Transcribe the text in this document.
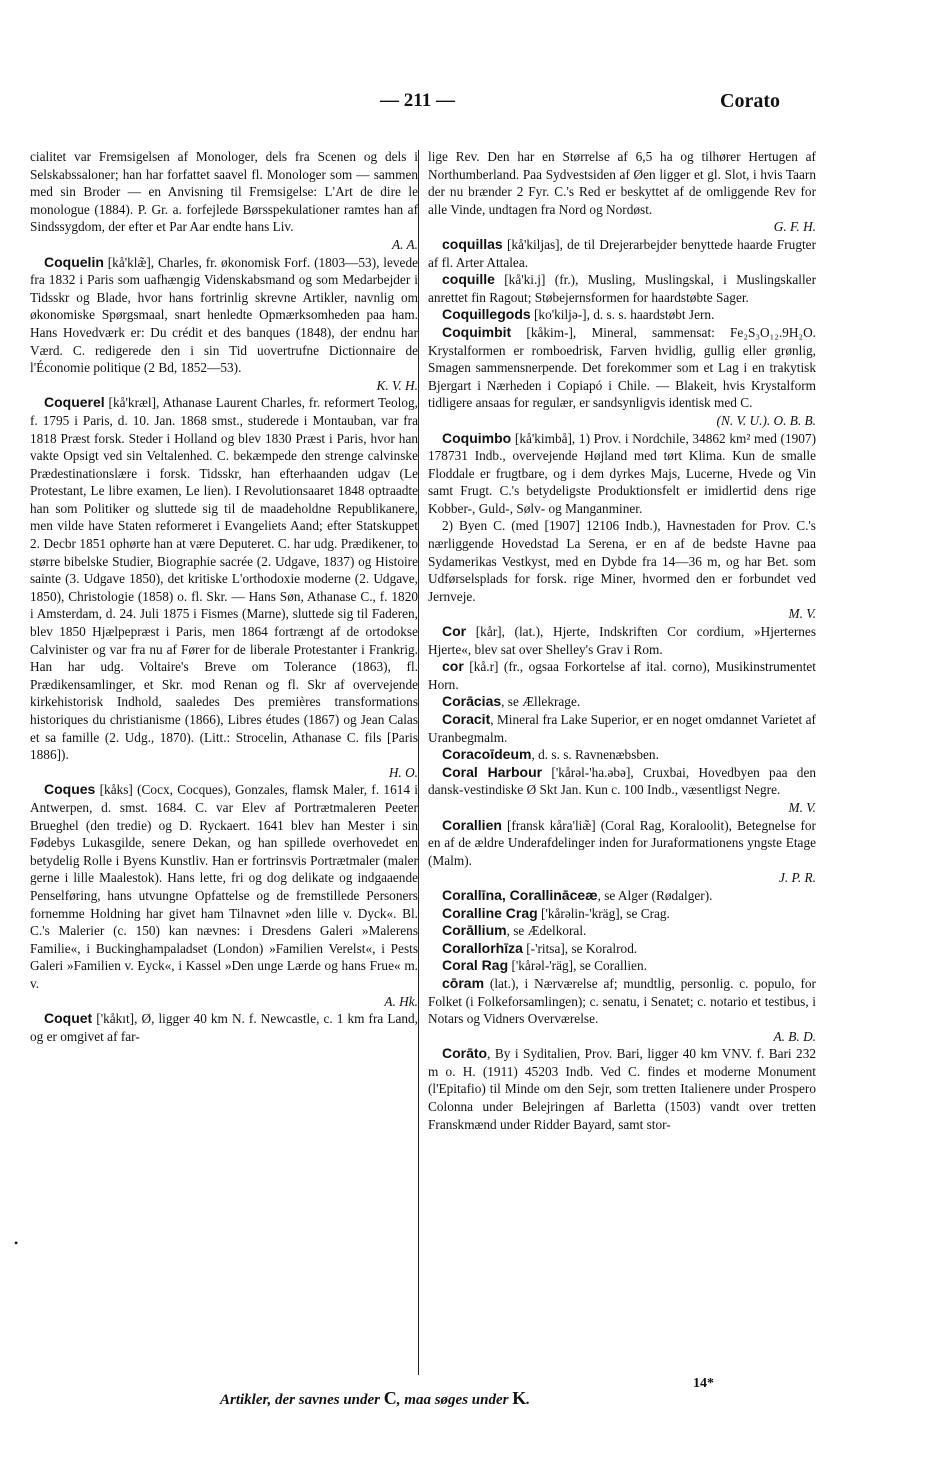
— 211 —	Corato

cialitet var Fremsigelsen af Monologer, dels fra Scenen og dels i Selskabssaloner; han har forfattet saavel fl. Monologer som — sammen med sin Broder — en Anvisning til Fremsigelse: L'Art de dire le monologue (1884). P. Gr. a. forfejlede Børsspekulationer ramtes han af Sindssygdom, der efter et Par Aar endte hans Liv.
A. A.

Coquelin [kå'klæ̃], Charles, fr. økonomisk Forf. (1803—53), levede fra 1832 i Paris som uafhængig Videnskabsmand og som Medarbejder i Tidsskr og Blade, hvor hans fortrinlig skrevne Artikler, navnlig om økonomiske Spørgsmaal, snart henledte Opmærksomheden paa ham. Hans Hovedværk er: Du crédit et des banques (1848), der endnu har Værd. C. redigerede den i sin Tid uovertrufne Dictionnaire de l'Économie politique (2 Bd, 1852—53).
K. V. H.

Coquerel [kå'kræl], Athanase Laurent Charles, fr. reformert Teolog, f. 1795 i Paris, d. 10. Jan. 1868 smst., studerede i Montauban, var fra 1818 Præst forsk. Steder i Holland og blev 1830 Præst i Paris, hvor han vakte Opsigt ved sin Veltalenhed. C. bekæmpede den strenge calvinske Prædestinationslære i forsk. Tidsskr, han efterhaanden udgav (Le Protestant, Le libre examen, Le lien). I Revolutionsaaret 1848 optraadte han som Politiker og sluttede sig til de maadeholdne Republikanere, men vilde have Staten reformeret i Evangeliets Aand; efter Statskuppet 2. Decbr 1851 ophørte han at være Deputeret. C. har udg. Prædikener, to større bibelske Studier, Biographie sacrée (2. Udgave, 1837) og Histoire sainte (3. Udgave 1850), det kritiske L'orthodoxie moderne (2. Udgave, 1850), Christologie (1858) o. fl. Skr. — Hans Søn, Athanase C., f. 1820 i Amsterdam, d. 24. Juli 1875 i Fismes (Marne), sluttede sig til Faderen, blev 1850 Hjælpepræst i Paris, men 1864 fortrængt af de ortodokse Calvinister og var fra nu af Fører for de liberale Protestanter i Frankrig. Han har udg. Voltaire's Breve om Tolerance (1863), fl. Prædikensamlinger, et Skr. mod Renan og fl. Skr af overvejende kirkehistorisk Indhold, saaledes Des premières transformations historiques du christianisme (1866), Libres études (1867) og Jean Calas et sa famille (2. Udg., 1870). (Litt.: Strocelin, Athanase C. fils [Paris 1886]).
H. O.

Coques [kåks] (Cocx, Cocques), Gonzales, flamsk Maler, f. 1614 i Antwerpen, d. smst. 1684. C. var Elev af Portrætmaleren Peeter Brueghel (den tredie) og D. Ryckaert. 1641 blev han Mester i sin Fødebys Lukasgilde, senere Dekan, og han spillede overhovedet en betydelig Rolle i Byens Kunstliv. Han er fortrinsvis Portrætmaler (maler gerne i lille Maalestok). Hans lette, fri og dog delikate og indgaaende Penselføring, hans utvungne Opfattelse og de fremstillede Personers fornemme Holdning har givet ham Tilnavnet »den lille v. Dyck«. Bl. C.'s Malerier (c. 150) kan nævnes: i Dresdens Galeri »Malerens Familie«, i Buckinghampaladset (London) »Familien Verelst«, i Pests Galeri »Familien v. Eyck«, i Kassel »Den unge Lærde og hans Frue« m. v.
A. Hk.

Coquet ['kåkıt], Ø, ligger 40 km N. f. Newcastle, c. 1 km fra Land, og er omgivet af far-

lige Rev. Den har en Størrelse af 6,5 ha og tilhører Hertugen af Northumberland. Paa Sydvestsiden af Øen ligger et gl. Slot, i hvis Taarn der nu brænder 2 Fyr. C.'s Red er beskyttet af de omliggende Rev for alle Vinde, undtagen fra Nord og Nordøst.
G. F. H.

coquillas [kå'kiljas], de til Drejerarbejder benyttede haarde Frugter af fl. Arter Attalea.

coquille [kå'ki.j] (fr.), Musling, Muslingskal, i Muslingskaller anrettet fin Ragout; Støbejernsformen for haardstøbte Sager.

Coquillegods [ko'kiljə-], d. s. s. haardstøbt Jern.

Coquimbit [kåkim-], Mineral, sammensat: Fe₂S₃O₁₂.9H₂O. Krystalformen er romboedrisk, Farven hvidlig, gullig eller grønlig, Smagen sammensnerpende. Det forekommer som et Lag i en trakytisk Bjergart i Nærheden i Copiapó i Chile. — Blakeit, hvis Krystalform tidligere ansaas for regulær, er sandsynligvis identisk med C.
(N. V. U.). O. B. B.

Coquimbo [kå'kimbå], 1) Prov. i Nordchile, 34862 km² med (1907) 178731 Indb., overvejende Højland med tørt Klima. Kun de smalle Floddale er frugtbare, og i dem dyrkes Majs, Lucerne, Hvede og Vin samt Frugt. C.'s betydeligste Produktionsfelt er imidlertid dens rige Kobber-, Guld-, Sølv- og Manganminer.

2) Byen C. (med [1907] 12106 Indb.), Havnestaden for Prov. C.'s nærliggende Hovedstad La Serena, er en af de bedste Havne paa Sydamerikas Vestkyst, med en Dybde fra 14—36 m, og har Bet. som Udførselsplads for forsk. rige Miner, hvormed den er forbundet ved Jernveje.
M. V.

Cor [kår], (lat.), Hjerte, Indskriften Cor cordium, »Hjerternes Hjerte«, blev sat over Shelley's Grav i Rom.

cor [kå.r] (fr., ogsaa Forkortelse af ital. corno), Musikinstrumentet Horn.

Corācias, se Ællekrage.

Coracit, Mineral fra Lake Superior, er en noget omdannet Varietet af Uranbegmalm.

Coracoīdeum, d. s. s. Ravnenæbsben.

Coral Harbour ['kårəl-'ha.əbə], Cruxbai, Hovedbyen paa den dansk-vestindiske Ø Skt Jan. Kun c. 100 Indb., væsentligst Negre.
M. V.

Corallien [fransk kåra'liæ̃] (Coral Rag, Koraloolit), Betegnelse for en af de ældre Underafdelinger inden for Juraformationens yngste Etage (Malm).
J. P. R.

Corallīna, Corallināceæ, se Alger (Rødalger).

Coralline Crag ['kårəlin-'kräg], se Crag.

Corāllium, se Ædelkoral.

Corallorhīza [-'ritsa], se Koralrod.

Coral Rag ['kårəl-'räg], se Corallien.

cōram (lat.), i Nærværelse af; mundtlig, personlig. c. populo, for Folket (i Folkeforsamlingen); c. senatu, i Senatet; c. notario et testibus, i Notars og Vidners Overværelse.
A. B. D.

Corāto, By i Syditalien, Prov. Bari, ligger 40 km VNV. f. Bari 232 m o. H. (1911) 45203 Indb. Ved C. findes et moderne Monument (l'Epitafio) til Minde om den Sejr, som tretten Italienere under Prospero Colonna under Belejringen af Barletta (1503) vandt over tretten Franskmænd under Ridder Bayard, samt stor-

•
14*
Artikler, der savnes under C, maa søges under K.
